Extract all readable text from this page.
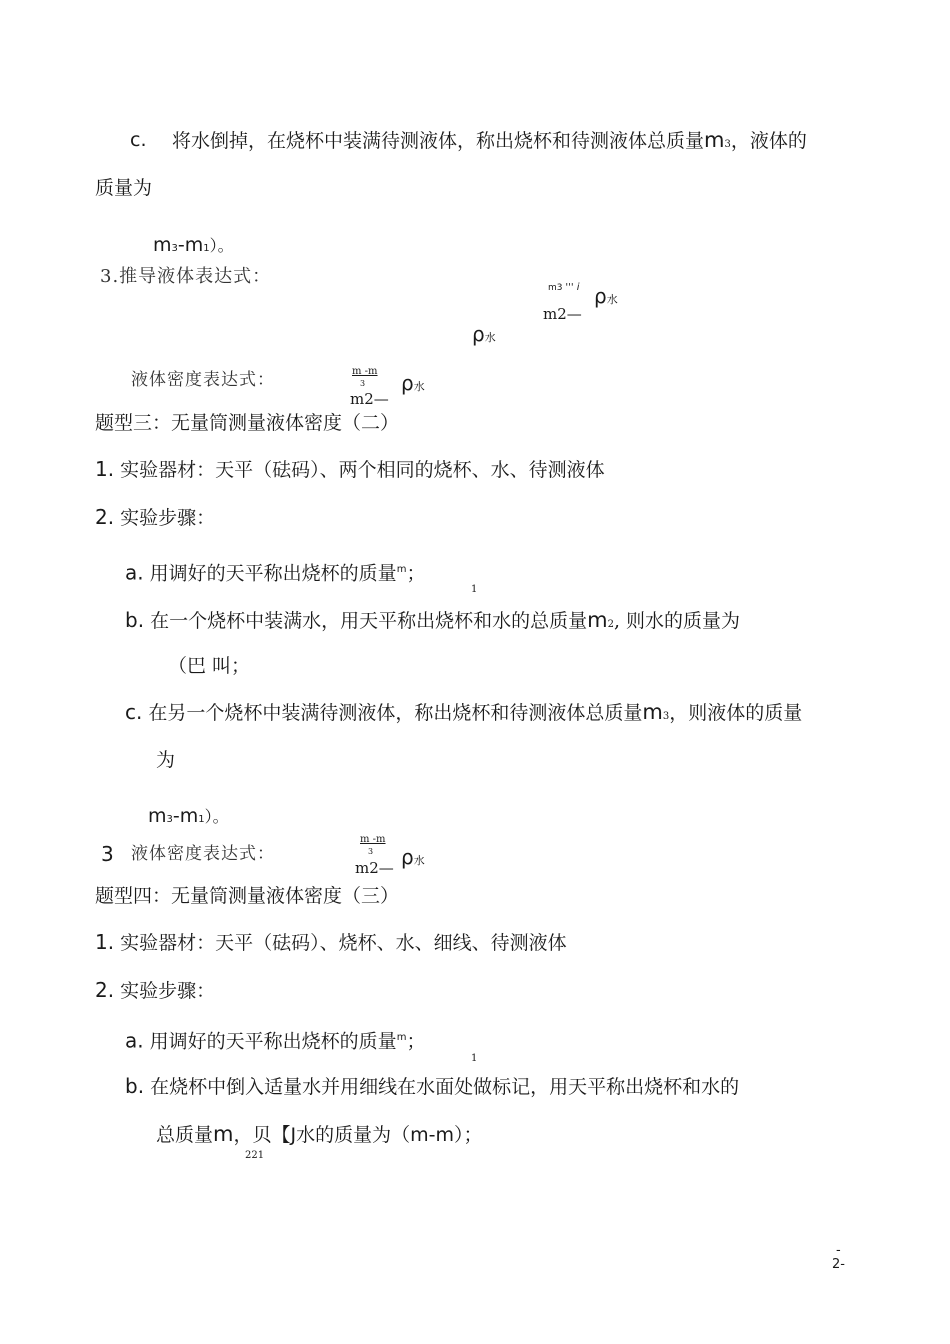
c. 将水倒掉，在烧杯中装满待测液体，称出烧杯和待测液体总质量m3，液体的
质量为
m3-m1）。
3.推导液体表达式：
m3 ''' i
m2—
ρ水
ρ水
液体密度表达式：	m -m
3
m2—
ρ水
题型三：无量筒测量液体密度（二）
1. 实验器材：天平（砝码）、两个相同的烧杯、水、待测液体
2. 实验步骤：
a. 用调好的天平称出烧杯的质量$^m$；
1
b. 在一个烧杯中装满水，用天平称出烧杯和水的总质量m2, 则水的质量为
（巴 叫；
c. 在另一个烧杯中装满待测液体，称出烧杯和待测液体总质量m3，则液体的质量
为
m3-m1）。
3 液体密度表达式：
m -m
3
m2— ρ水
题型四：无量筒测量液体密度（三）
1. 实验器材：天平（砝码）、烧杯、水、细线、待测液体
2. 实验步骤：
a. 用调好的天平称出烧杯的质量$^m$；
1
b. 在烧杯中倒入适量水并用细线在水面处做标记，用天平称出烧杯和水的
总质量m，贝【J水的质量为（m-m）；
221
-
2-
